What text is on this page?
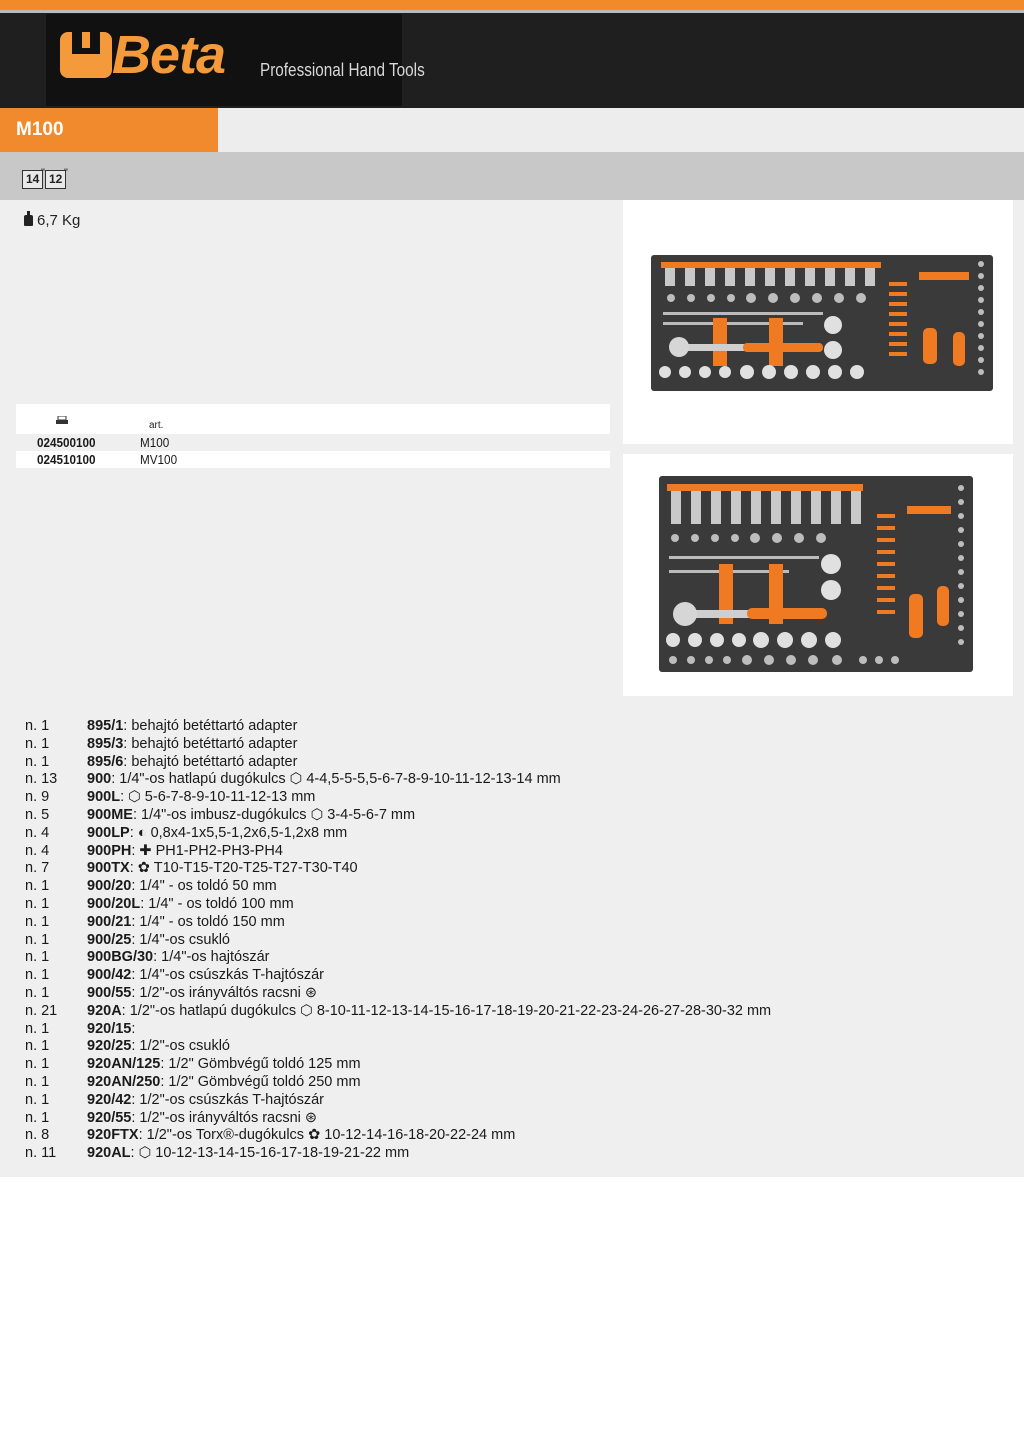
Beta Professional Hand Tools
M100
14 " 12 "
6,7 Kg
art.
024500100	M100
024510100	MV100
n. 1	895/1: behajtó betéttartó adapter
n. 1	895/3: behajtó betéttartó adapter
n. 1	895/6: behajtó betéttartó adapter
n. 13 900: 1/4"-os hatlapú dugókulcs ⬡ 4-4,5-5-5,5-6-7-8-9-10-11-12-13-14 mm
n. 9	900L: ⬡ 5-6-7-8-9-10-11-12-13 mm
n. 5	900ME: 1/4"-os imbusz-dugókulcs ⬡ 3-4-5-6-7 mm
n. 4	900LP: ◐ 0,8x4-1x5,5-1,2x6,5-1,2x8 mm
n. 4	900PH: ✚ PH1-PH2-PH3-PH4
n. 7	900TX: ✿ T10-T15-T20-T25-T27-T30-T40
n. 1	900/20: 1/4" - os toldó 50 mm
n. 1	900/20L: 1/4" - os toldó 100 mm
n. 1	900/21: 1/4" - os toldó 150 mm
n. 1	900/25: 1/4"-os csukló
n. 1	900BG/30: 1/4"-os hajtószár
n. 1	900/42: 1/4"-os csúszkás T-hajtószár
n. 1	900/55: 1/2"-os irányváltós racsni ⊛
n. 21 920A: 1/2"-os hatlapú dugókulcs ⬡ 8-10-11-12-13-14-15-16-17-18-19-20-21-22-23-24-26-27-28-30-32 mm
n. 1	920/15:
n. 1	920/25: 1/2"-os csukló
n. 1	920AN/125: 1/2" Gömbvégű toldó 125 mm
n. 1	920AN/250: 1/2" Gömbvégű toldó 250 mm
n. 1	920/42: 1/2"-os csúszkás T-hajtószár
n. 1	920/55: 1/2"-os irányváltós racsni ⊛
n. 8	920FTX: 1/2"-os Torx®-dugókulcs ✿ 10-12-14-16-18-20-22-24 mm
n. 11 920AL: ⬡ 10-12-13-14-15-16-17-18-19-21-22 mm
